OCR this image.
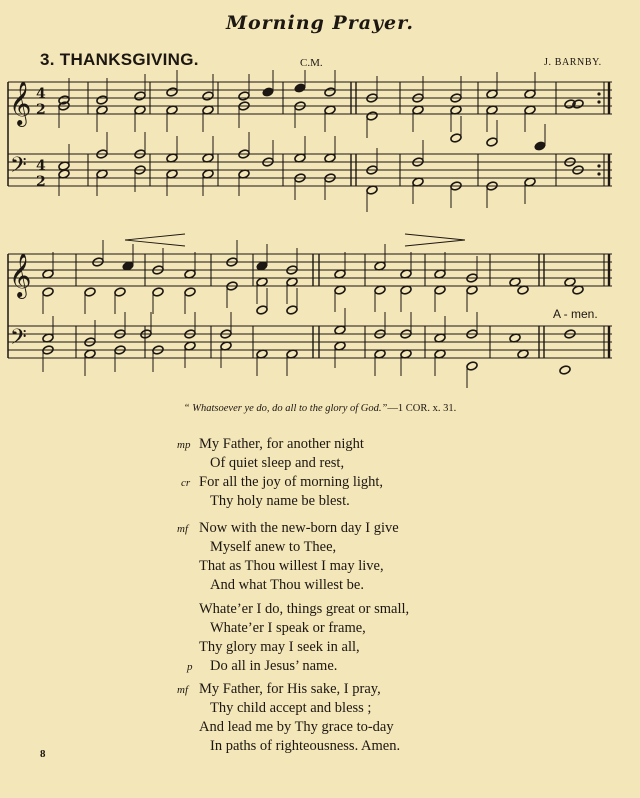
Morning Prayer.
3. THANKSGIVING.	C.M.	J. BARNBY.
𝄞
𝄞
𝄢
𝄢
4
2
4
2
A - men.
“ Whatsoever ye do, do all to the glory of God.”—1 COR. x. 31.
mp My Father, for another night
Of quiet sleep and rest,
cr For all the joy of morning light,
Thy holy name be blest.
mf Now with the new-born day I give
Myself anew to Thee,
That as Thou willest I may live,
And what Thou willest be.
Whate’er I do, things great or small,
Whate’er I speak or frame,
Thy glory may I seek in all,
p Do all in Jesus’ name.
mf My Father, for His sake, I pray,
Thy child accept and bless ;
And lead me by Thy grace to-day
In paths of righteousness. Amen.
8
